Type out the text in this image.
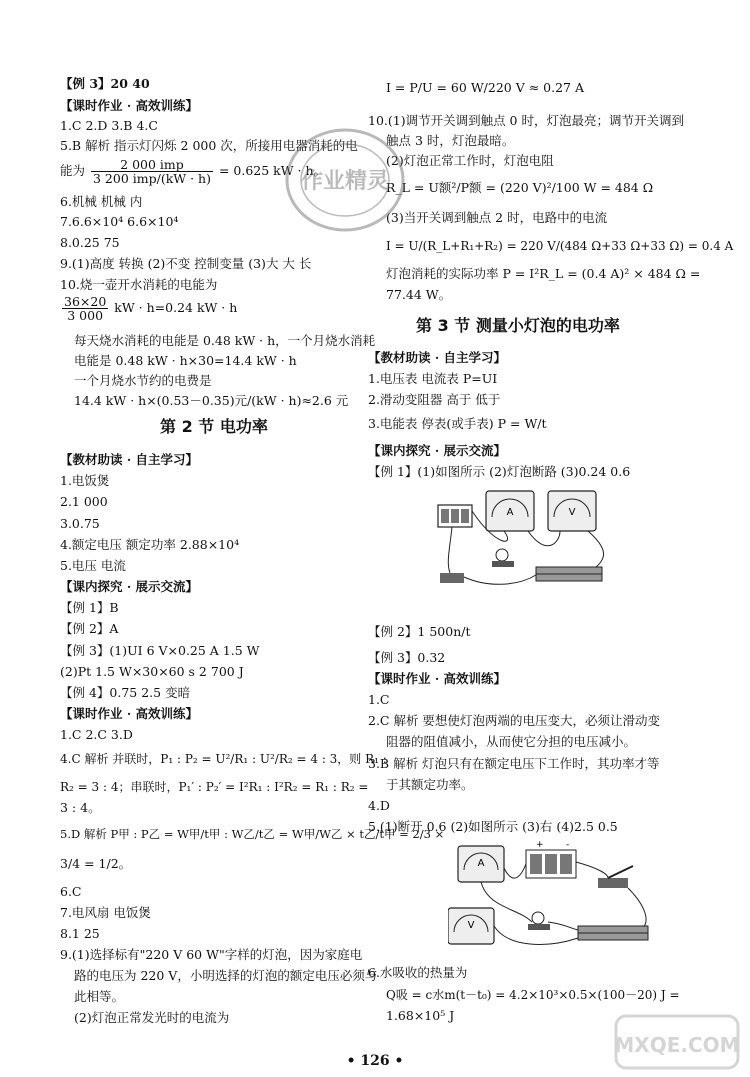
【例 3】20 40
【课时作业 · 高效训练】
1.C 2.D 3.B 4.C
5.B 解析 指示灯闪烁 2 000 次，所接用电器消耗的电
能为 $\frac{\text{2 000 imp}}{\text{3 200 imp/(kW · h)}} = 0.625$ kW · h。
6.机械 机械 内
7.6.6×10⁴ 6.6×10⁴
8.0.25 75
9.(1)高度 转换 (2)不变 控制变量 (3)大 大 长
10.烧一壶开水消耗的电能为
$\frac{36\times 20}{3 000}$ kW · h=0.24 kW · h
每天烧水消耗的电能是 0.48 kW · h，一个月烧水消耗
电能是 0.48 kW · h×30=14.4 kW · h
一个月烧水节约的电费是
14.4 kW · h×(0.53－0.35)元/(kW · h)≈2.6 元
第 2 节 电功率
【教材助读 · 自主学习】
1.电饭煲
2.1 000
3.0.75
4.额定电压 额定功率 2.88×10⁴
5.电压 电流
【课内探究 · 展示交流】
【例 1】B
【例 2】A
【例 3】(1)UI 6 V×0.25 A 1.5 W
(2)Pt 1.5 W×30×60 s 2 700 J
【例 4】0.75 2.5 变暗
【课时作业 · 高效训练】
1.C 2.C 3.D
4.C 解析 并联时，P₁ : P₂ = U²/R₁ : U²/R₂ = 4 : 3，则 R₁ :
R₂ = 3 : 4；串联时，P₁′ : P₂′ = I²R₁ : I²R₂ = R₁ : R₂ =
3 : 4。
5.D 解析 P甲 : P乙 = W甲/t甲 : W乙/t乙 = W甲/W乙 × t乙/t甲 = 2/3 ×
3/4 = 1/2。
6.C
7.电风扇 电饭煲
8.1 25
9.(1)选择标有"220 V 60 W"字样的灯泡，因为家庭电
路的电压为 220 V，小明选择的灯泡的额定电压必须与
此相等。
(2)灯泡正常发光时的电流为
I = P/U = 60 W/220 V ≈ 0.27 A
10.(1)调节开关调到触点 0 时，灯泡最亮；调节开关调到
触点 3 时，灯泡最暗。
(2)灯泡正常工作时，灯泡电阻
R_L = U额²/P额 = (220 V)²/100 W = 484 Ω
(3)当开关调到触点 2 时，电路中的电流
I = U/(R_L+R₁+R₂) = 220 V/(484 Ω+33 Ω+33 Ω) = 0.4 A
灯泡消耗的实际功率 P = I²R_L = (0.4 A)² × 484 Ω =
77.44 W。
第 3 节 测量小灯泡的电功率
【教材助读 · 自主学习】
1.电压表 电流表 P=UI
2.滑动变阻器 高于 低于
3.电能表 停表(或手表) P = W/t
【课内探究 · 展示交流】
【例 1】(1)如图所示 (2)灯泡断路 (3)0.24 0.6
A	V
【例 2】1 500n/t
【例 3】0.32
【课时作业 · 高效训练】
1.C
2.C 解析 要想使灯泡两端的电压变大，必须让滑动变
阻器的阻值减小，从而使它分担的电压减小。
3.B 解析 灯泡只有在额定电压下工作时，其功率才等
于其额定功率。
4.D
5.(1)断开 0.6 (2)如图所示 (3)右 (4)2.5 0.5
A
+ -
V
6.水吸收的热量为
Q吸 = c水m(t－t₀) = 4.2×10³×0.5×(100－20) J =
1.68×10⁵ J
作业精灵
MXQE.COM
• 126 •
